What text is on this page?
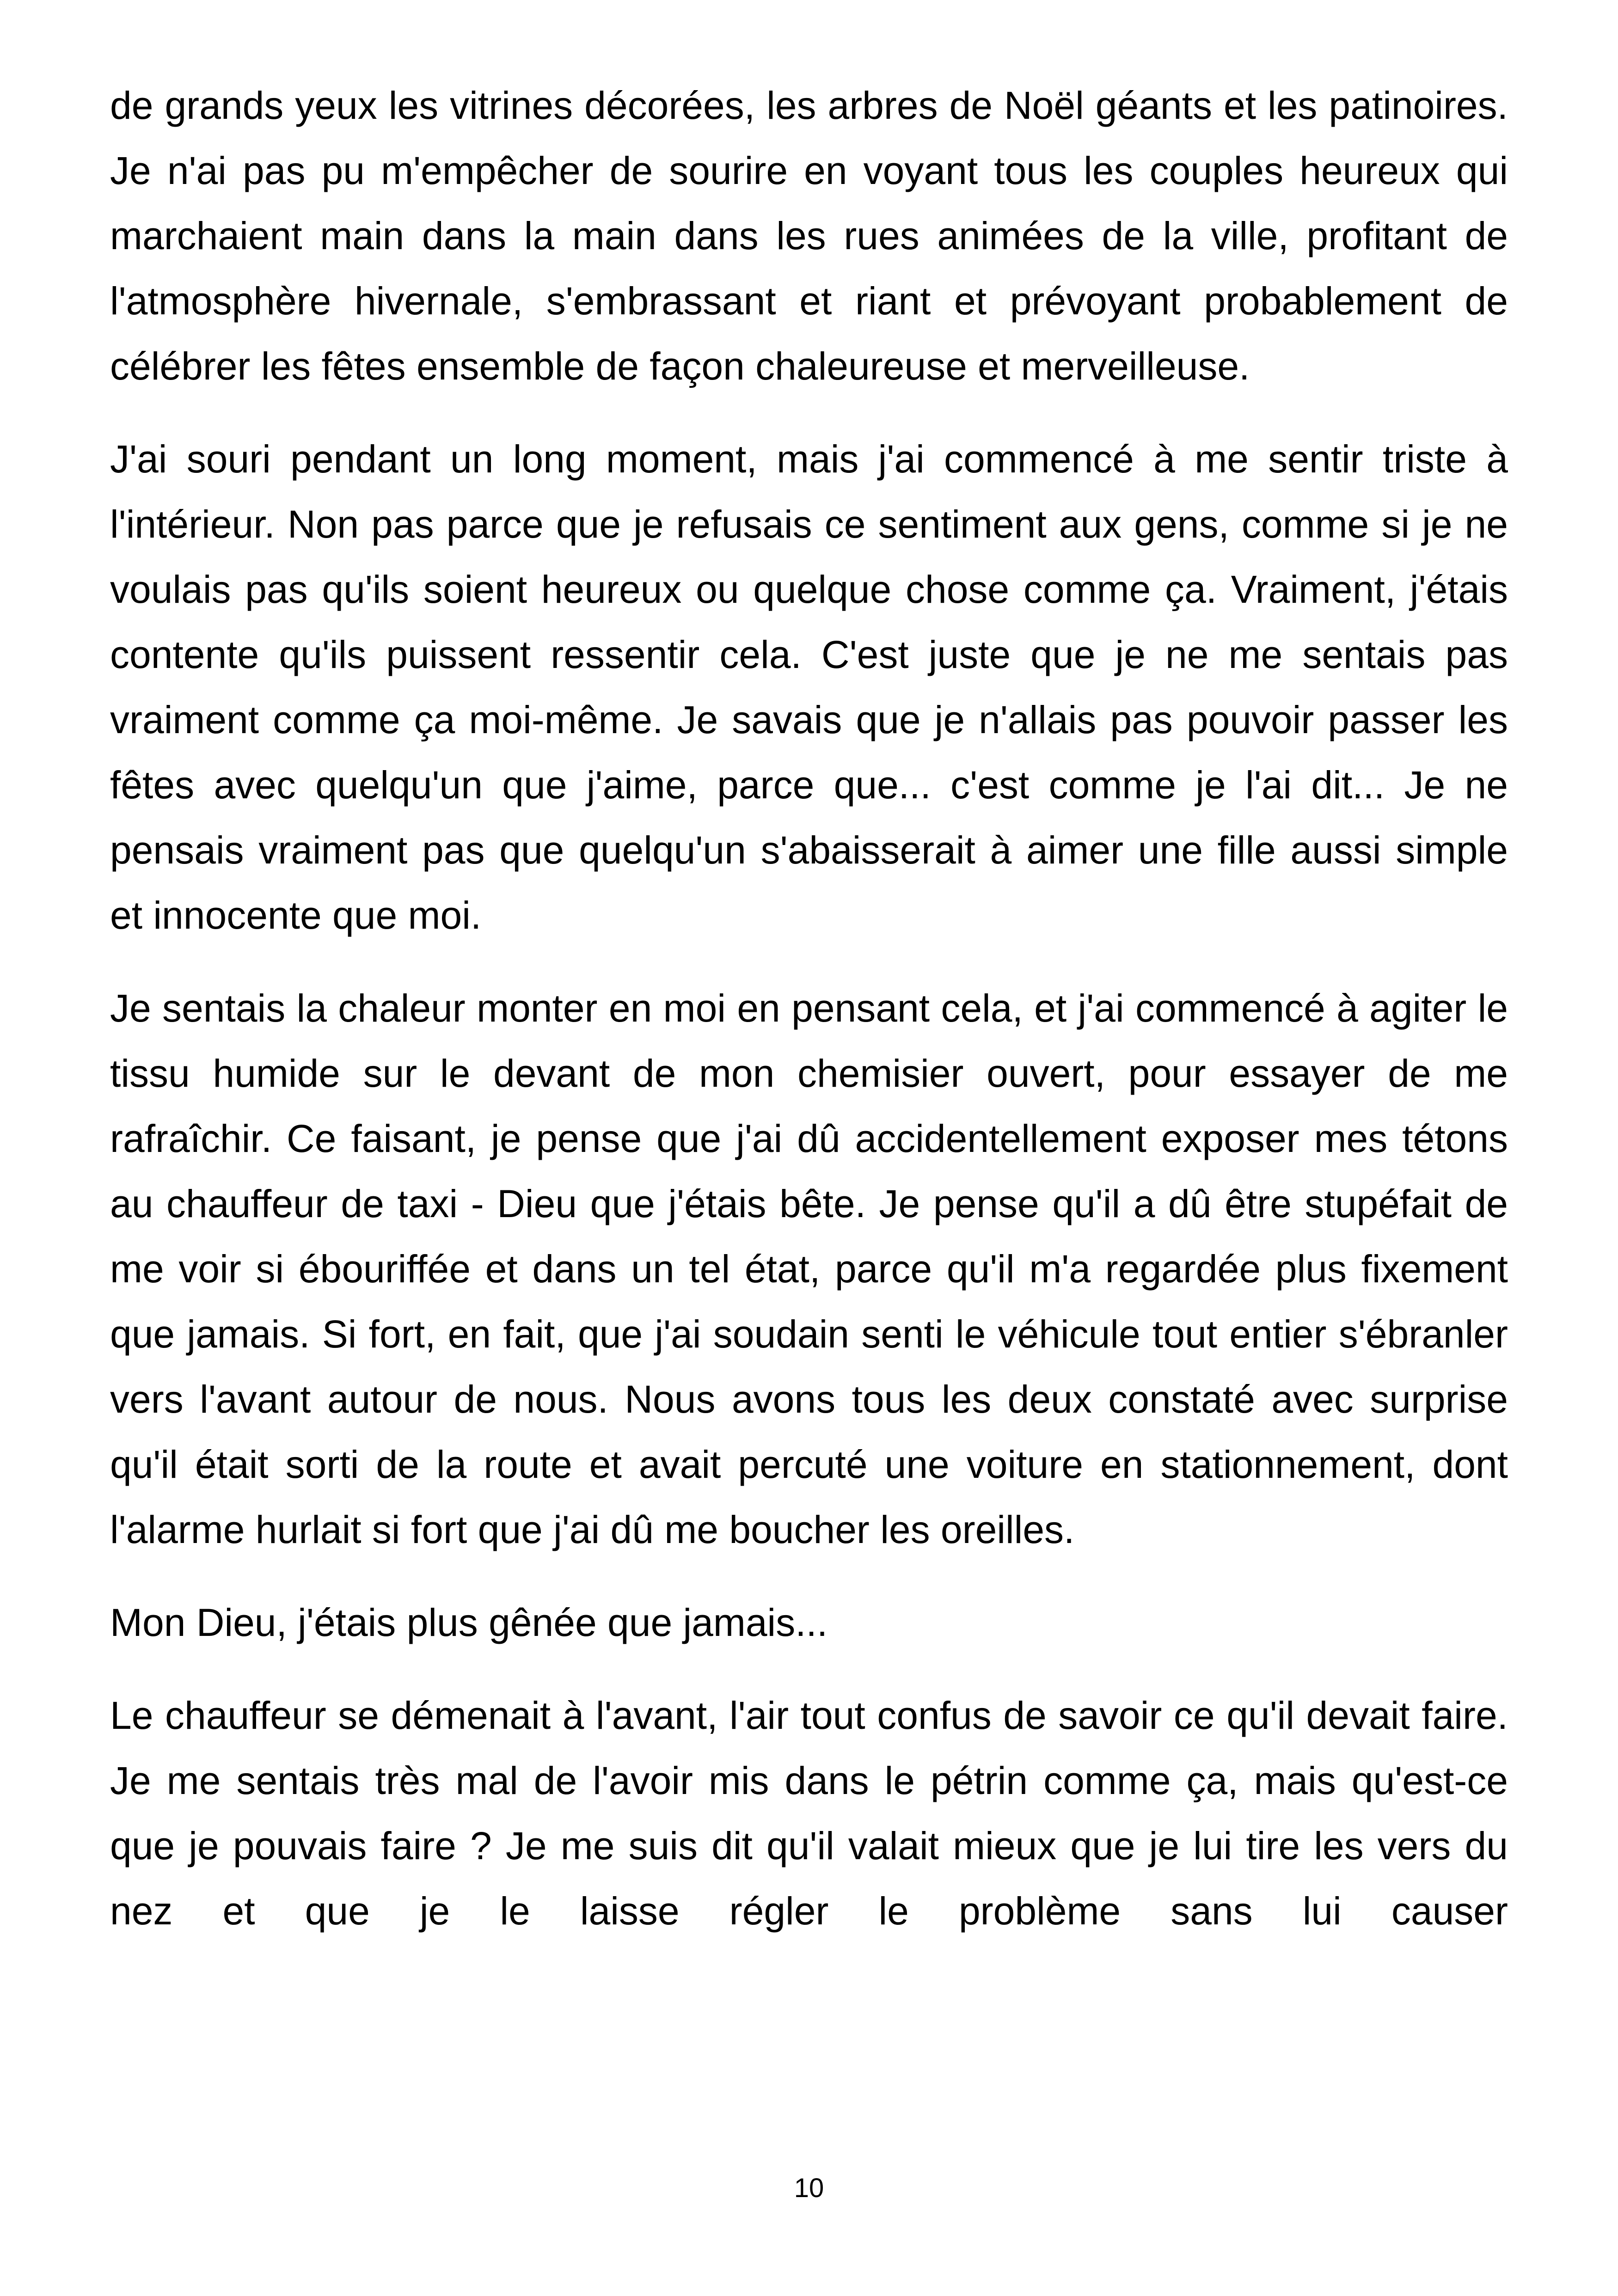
de grands yeux les vitrines décorées, les arbres de Noël géants et les patinoires. Je n'ai pas pu m'empêcher de sourire en voyant tous les couples heureux qui marchaient main dans la main dans les rues animées de la ville, profitant de l'atmosphère hivernale, s'embrassant et riant et prévoyant probablement de célébrer les fêtes ensemble de façon chaleureuse et merveilleuse.

J'ai souri pendant un long moment, mais j'ai commencé à me sentir triste à l'intérieur. Non pas parce que je refusais ce sentiment aux gens, comme si je ne voulais pas qu'ils soient heureux ou quelque chose comme ça. Vraiment, j'étais contente qu'ils puissent ressentir cela. C'est juste que je ne me sentais pas vraiment comme ça moi-même. Je savais que je n'allais pas pouvoir passer les fêtes avec quelqu'un que j'aime, parce que... c'est comme je l'ai dit... Je ne pensais vraiment pas que quelqu'un s'abaisserait à aimer une fille aussi simple et innocente que moi.

Je sentais la chaleur monter en moi en pensant cela, et j'ai commencé à agiter le tissu humide sur le devant de mon chemisier ouvert, pour essayer de me rafraîchir. Ce faisant, je pense que j'ai dû accidentellement exposer mes tétons au chauffeur de taxi - Dieu que j'étais bête. Je pense qu'il a dû être stupéfait de me voir si ébouriffée et dans un tel état, parce qu'il m'a regardée plus fixement que jamais. Si fort, en fait, que j'ai soudain senti le véhicule tout entier s'ébranler vers l'avant autour de nous. Nous avons tous les deux constaté avec surprise qu'il était sorti de la route et avait percuté une voiture en stationnement, dont l'alarme hurlait si fort que j'ai dû me boucher les oreilles.

Mon Dieu, j'étais plus gênée que jamais...

Le chauffeur se démenait à l'avant, l'air tout confus de savoir ce qu'il devait faire. Je me sentais très mal de l'avoir mis dans le pétrin comme ça, mais qu'est-ce que je pouvais faire ? Je me suis dit qu'il valait mieux que je lui tire les vers du nez et que je le laisse régler le problème sans lui causer

10
